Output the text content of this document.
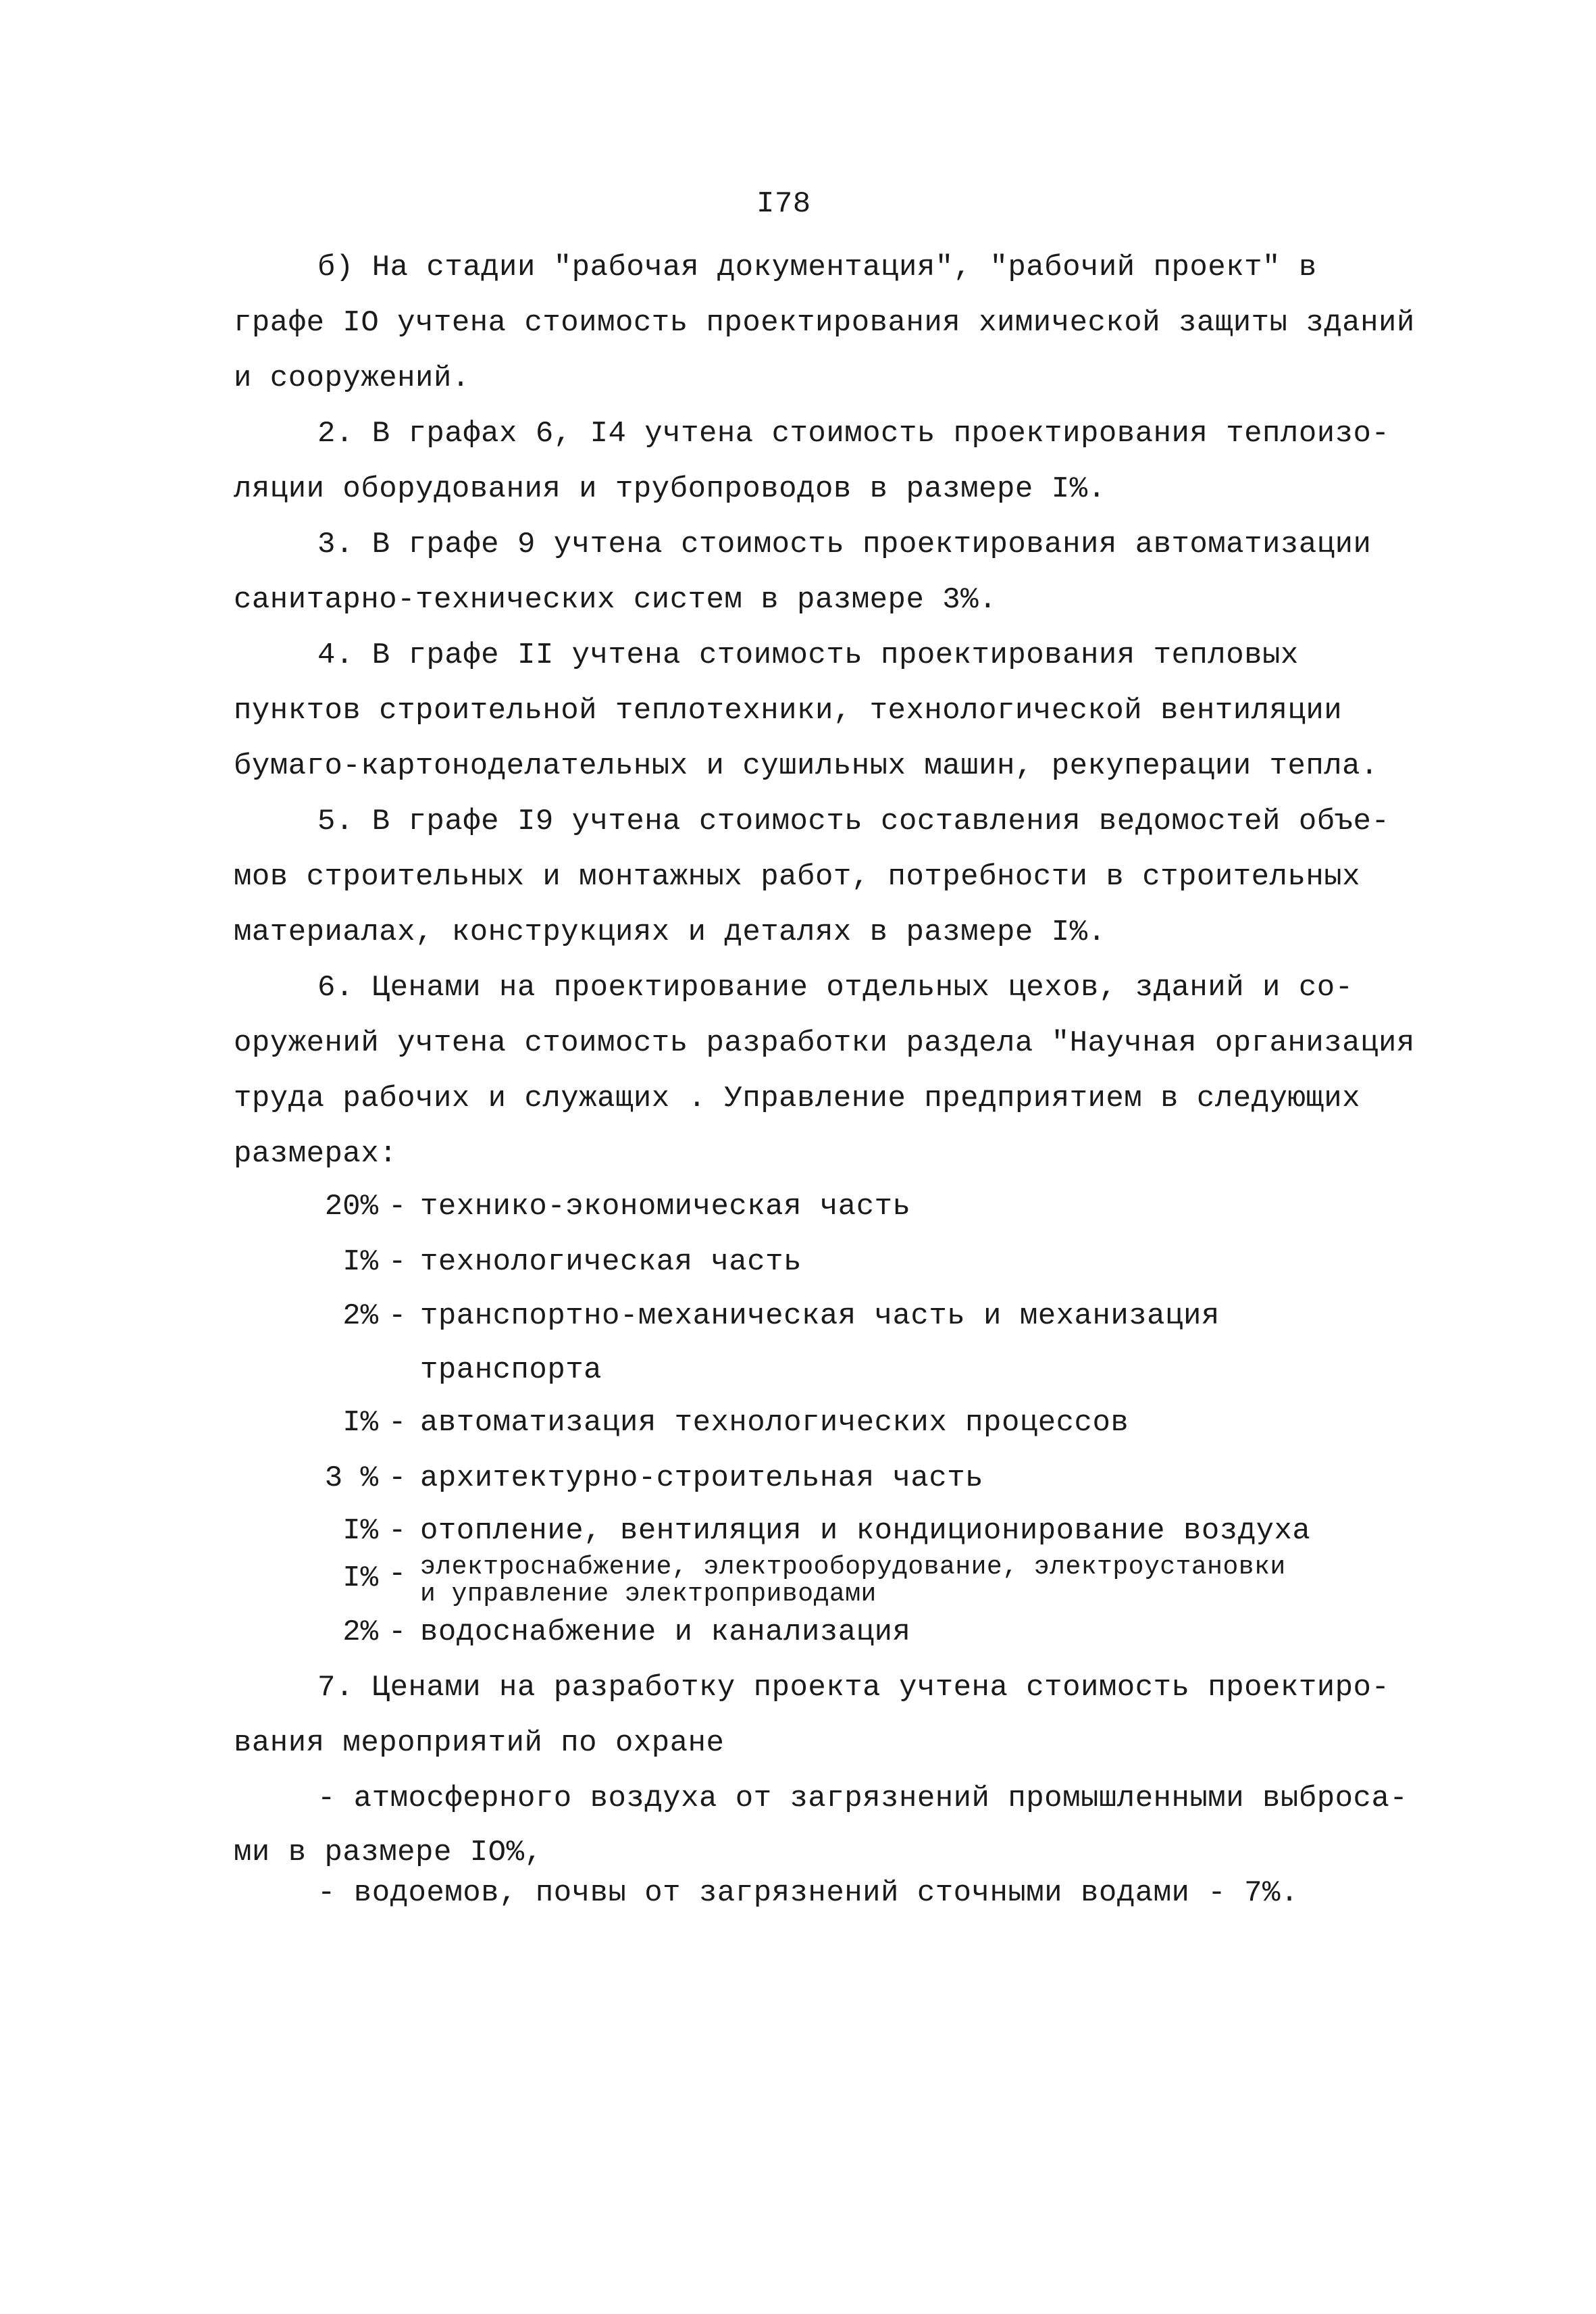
I78
б) На стадии "рабочая документация", "рабочий проект" в
графе IO учтена стоимость проектирования химической защиты зданий
и сооружений.
2. В графах 6, I4 учтена стоимость проектирования теплоизо-
ляции оборудования и трубопроводов в размере I%.
3. В графе 9 учтена стоимость проектирования автоматизации
санитарно-технических систем в размере 3%.
4. В графе II учтена стоимость проектирования тепловых
пунктов строительной теплотехники, технологической вентиляции
бумаго-картоноделательных и сушильных машин, рекуперации тепла.
5. В графе I9 учтена стоимость составления ведомостей объе-
мов строительных и монтажных работ, потребности в строительных
материалах, конструкциях и деталях в размере I%.
6. Ценами на проектирование отдельных цехов, зданий и со-
оружений учтена стоимость разработки раздела "Научная организация
труда рабочих и служащих . Управление предприятием в следующих
размерах:
20% - технико-экономическая часть
I% - технологическая часть
2% - транспортно-механическая часть и механизация
транспорта
I% - автоматизация технологических процессов
3 % - архитектурно-строительная часть
I% - отопление, вентиляция и кондиционирование воздуха
I% - электроснабжение, электрооборудование, электроустановки
и управление электроприводами
2% - водоснабжение и канализация
7. Ценами на разработку проекта учтена стоимость проектиро-
вания мероприятий по охране
- атмосферного воздуха от загрязнений промышленными выброса-
ми в размере IO%,
- водоемов, почвы от загрязнений сточными водами - 7%.
